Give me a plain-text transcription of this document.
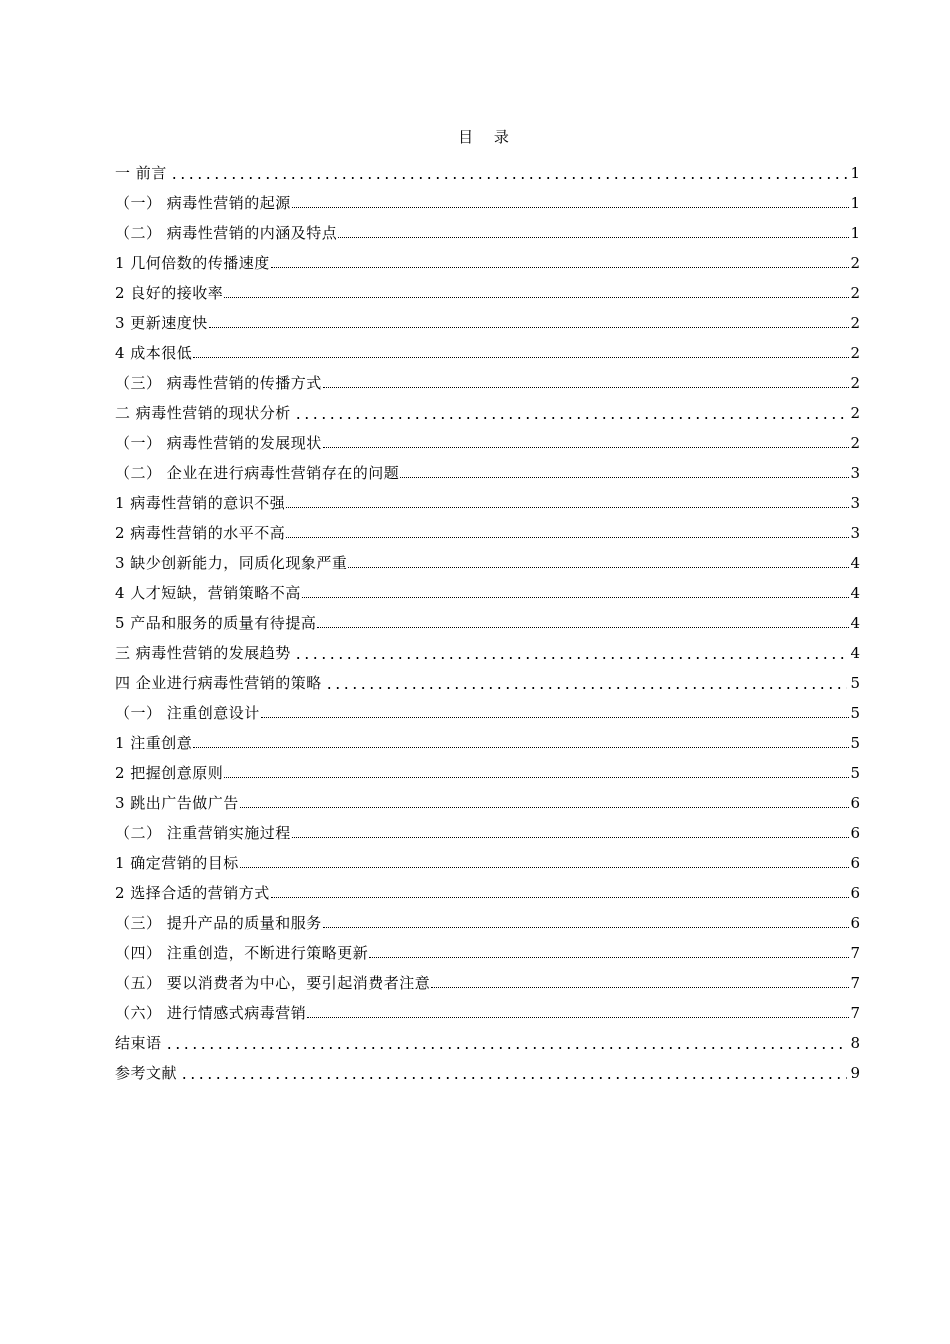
目 录
一 前言	1
（一） 病毒性营销的起源	1
（二） 病毒性营销的内涵及特点	1
1 几何倍数的传播速度	2
2 良好的接收率	2
3 更新速度快	2
4 成本很低	2
（三） 病毒性营销的传播方式	2
二 病毒性营销的现状分析	2
（一） 病毒性营销的发展现状	2
（二） 企业在进行病毒性营销存在的问题	3
1 病毒性营销的意识不强	3
2 病毒性营销的水平不高	3
3 缺少创新能力，同质化现象严重	4
4 人才短缺，营销策略不高	4
5 产品和服务的质量有待提高	4
三 病毒性营销的发展趋势	4
四 企业进行病毒性营销的策略	5
（一） 注重创意设计	5
1 注重创意	5
2 把握创意原则	5
3 跳出广告做广告	6
（二） 注重营销实施过程	6
1 确定营销的目标	6
2 选择合适的营销方式	6
（三） 提升产品的质量和服务	6
（四） 注重创造，不断进行策略更新	7
（五） 要以消费者为中心，要引起消费者注意	7
（六） 进行情感式病毒营销	7
结束语	8
参考文献	9
